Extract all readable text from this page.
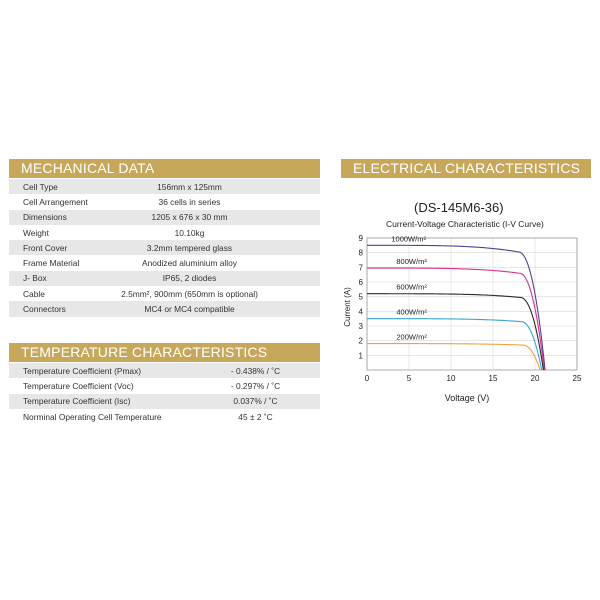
MECHANICAL DATA
Cell Type	156mm x 125mm
Cell Arrangement	36 cells in series
Dimensions	1205 x 676 x 30 mm
Weight	10.10kg
Front Cover	3.2mm tempered glass
Frame Material	Anodized aluminium alloy
J- Box	IP65, 2 diodes
Cable	2.5mm², 900mm (650mm is optional)
Connectors	MC4 or MC4 compatible
TEMPERATURE CHARACTERISTICS
Temperature Coefficient (Pmax)	- 0.438% / ˚C
Temperature Coefficient (Voc)	- 0.297% / ˚C
Temperature Coefficient (Isc)	0.037% / ˚C
Norminal Operating Cell Temperature	45 ± 2 ˚C
ELECTRICAL CHARACTERISTICS
(DS-145M6-36)
Current-Voltage Characteristic (I-V Curve)
1
2
3
4
5
6
7
8
9
0	5	10	15	20	25
1000W/m²
800W/m²
600W/m²
400W/m²
200W/m²
Voltage (V)
Current (A)
